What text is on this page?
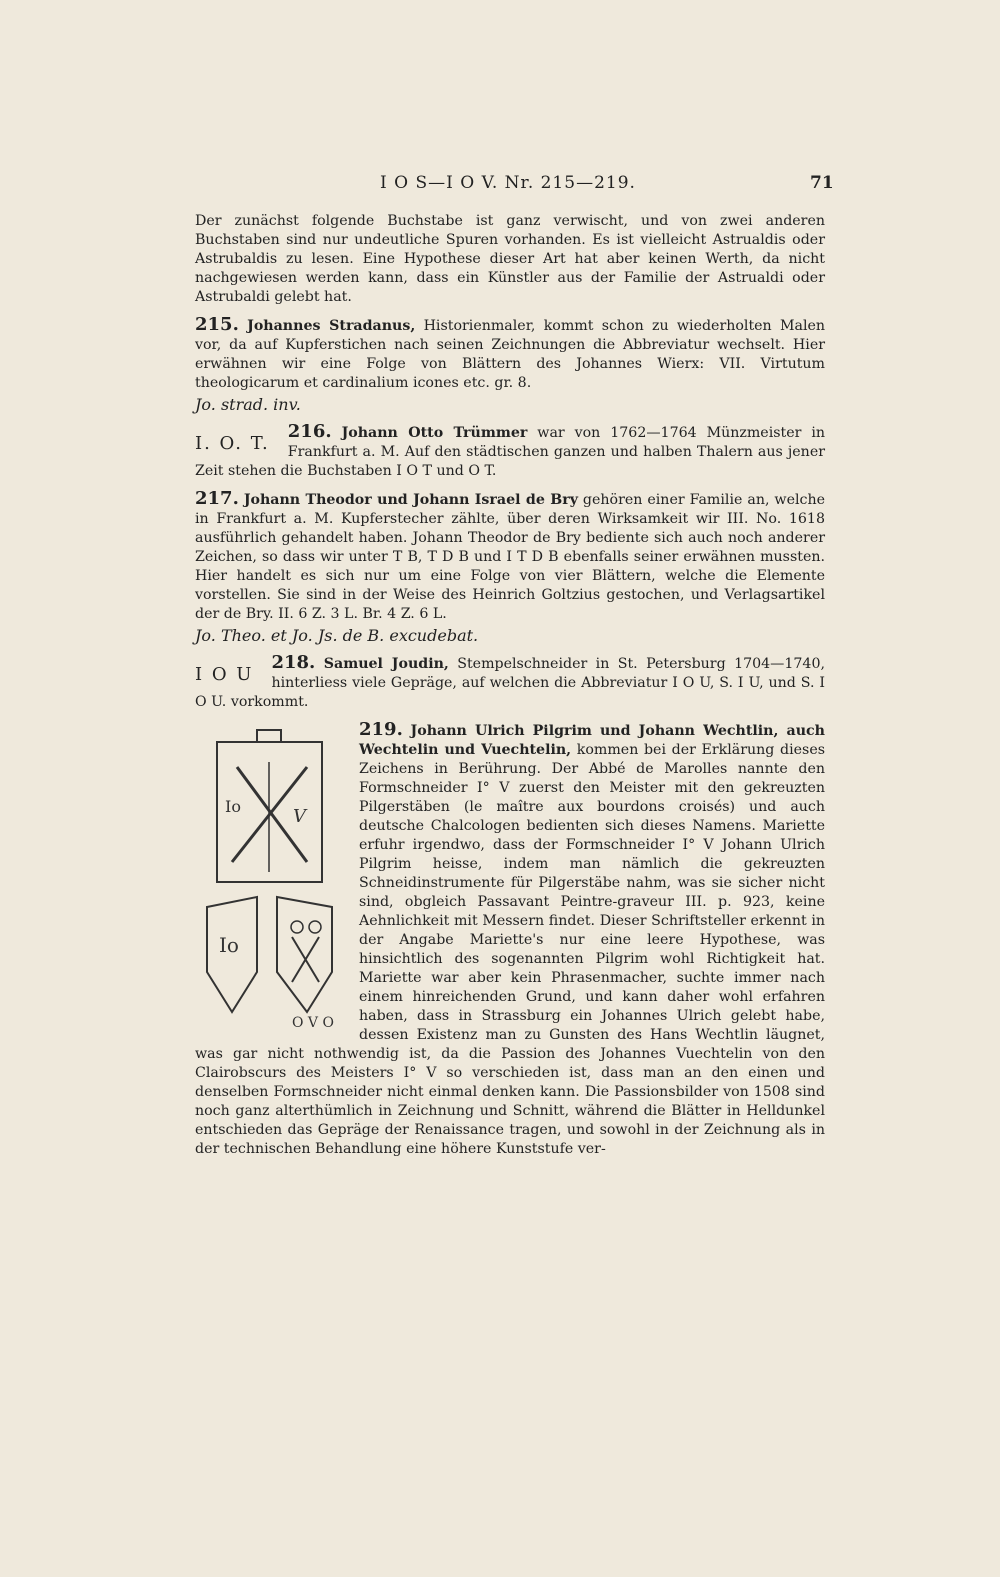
I O S—I O V. Nr. 215—219.	71

Der zunächst folgende Buchstabe ist ganz verwischt, und von zwei anderen Buchstaben sind nur undeutliche Spuren vorhanden. Es ist vielleicht Astrualdis oder Astrubaldis zu lesen. Eine Hypothese dieser Art hat aber keinen Werth, da nicht nachgewiesen werden kann, dass ein Künstler aus der Familie der Astrualdi oder Astrubaldi gelebt hat.

215. Johannes Stradanus, Historienmaler, kommt schon zu wiederholten Malen vor, da auf Kupferstichen nach seinen Zeichnungen die Abbreviatur wechselt. Hier erwähnen wir eine Folge von Blättern des Johannes Wierx: VII. Virtutum theologicarum et cardinalium icones etc. gr. 8.

Jo. strad. inv.
I. O. T.

216. Johann Otto Trümmer war von 1762—1764 Münzmeister in Frankfurt a. M. Auf den städtischen ganzen und halben Thalern aus jener Zeit stehen die Buchstaben I O T und O T.

217. Johann Theodor und Johann Israel de Bry gehören einer Familie an, welche in Frankfurt a. M. Kupferstecher zählte, über deren Wirksamkeit wir III. No. 1618 ausführlich gehandelt haben. Johann Theodor de Bry bediente sich auch noch anderer Zeichen, so dass wir unter T B, T D B und I T D B ebenfalls seiner erwähnen mussten. Hier handelt es sich nur um eine Folge von vier Blättern, welche die Elemente vorstellen. Sie sind in der Weise des Heinrich Goltzius gestochen, und Verlagsartikel der de Bry. II. 6 Z. 3 L. Br. 4 Z. 6 L.

Jo. Theo. et Jo. Js. de B. excudebat.
I O U

218. Samuel Joudin, Stempelschneider in St. Petersburg 1704—1740, hinterliess viele Gepräge, auf welchen die Abbreviatur I O U, S. I U, und S. I O U. vorkommt.

Io	V
Io
O V O

219. Johann Ulrich Pilgrim und Johann Wechtlin, auch Wechtelin und Vuechtelin, kommen bei der Erklärung dieses Zeichens in Berührung. Der Abbé de Marolles nannte den Formschneider I° V zuerst den Meister mit den gekreuzten Pilgerstäben (le maître aux bourdons croisés) und auch deutsche Chalcologen bedienten sich dieses Namens. Mariette erfuhr irgendwo, dass der Formschneider I° V Johann Ulrich Pilgrim heisse, indem man nämlich die gekreuzten Schneidinstrumente für Pilgerstäbe nahm, was sie sicher nicht sind, obgleich Passavant Peintre-graveur III. p. 923, keine Aehnlichkeit mit Messern findet. Dieser Schriftsteller erkennt in der Angabe Mariette's nur eine leere Hypothese, was hinsichtlich des sogenannten Pilgrim wohl Richtigkeit hat. Mariette war aber kein Phrasenmacher, suchte immer nach einem hinreichenden Grund, und kann daher wohl erfahren haben, dass in Strassburg ein Johannes Ulrich gelebt habe, dessen Existenz man zu Gunsten des Hans Wechtlin läugnet, was gar nicht nothwendig ist, da die Passion des Johannes Vuechtelin von den Clairobscurs des Meisters I° V so verschieden ist, dass man an den einen und denselben Formschneider nicht einmal denken kann. Die Passionsbilder von 1508 sind noch ganz alterthümlich in Zeichnung und Schnitt, während die Blätter in Helldunkel entschieden das Gepräge der Renaissance tragen, und sowohl in der Zeichnung als in der technischen Behandlung eine höhere Kunststufe ver-
